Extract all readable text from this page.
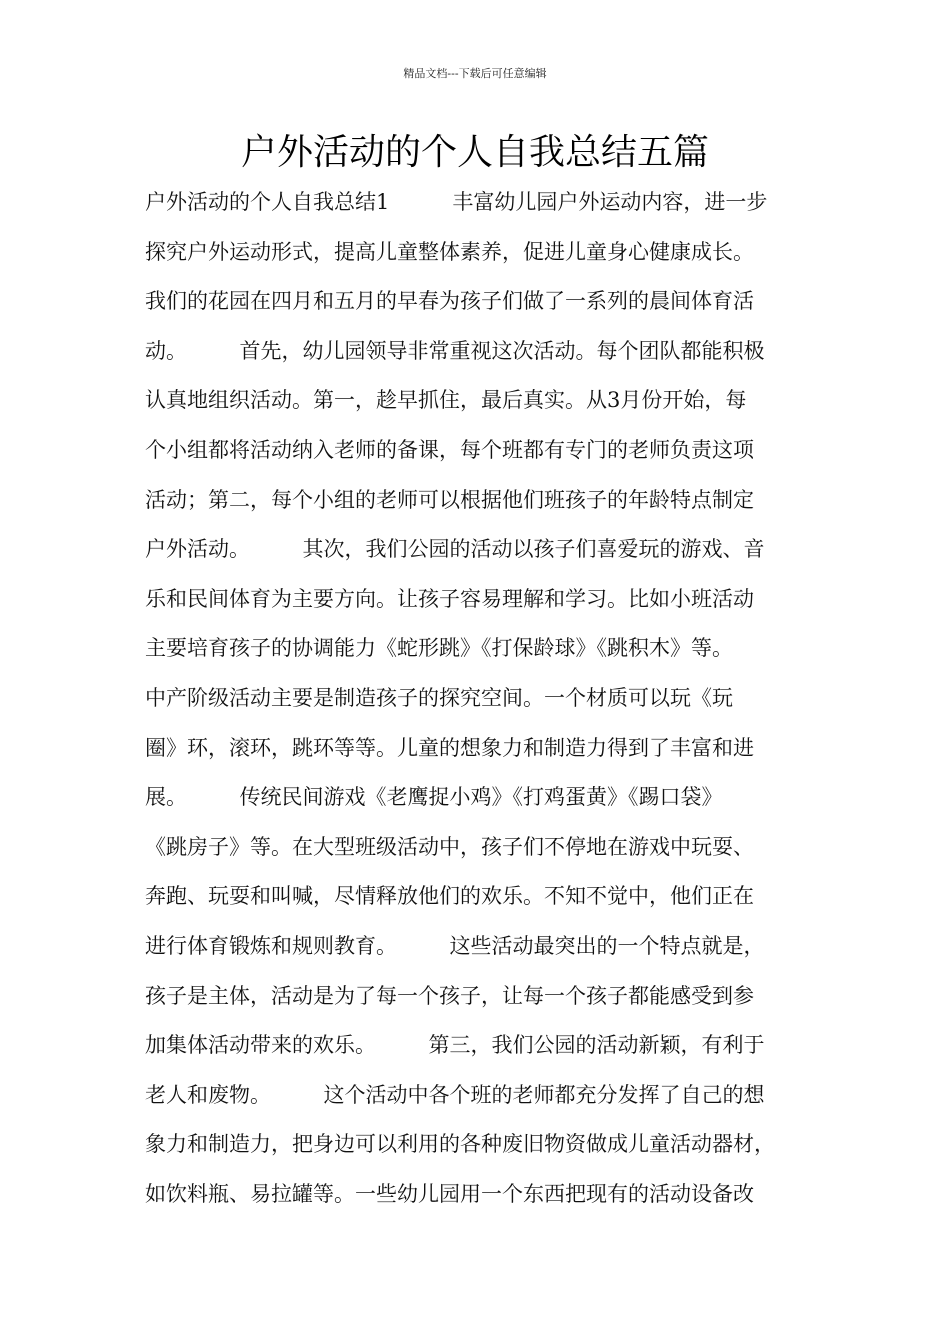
精品文档---下载后可任意编辑
户外活动的个人自我总结五篇
户外活动的个人自我总结1　　　丰富幼儿园户外运动内容，进一步
探究户外运动形式，提高儿童整体素养，促进儿童身心健康成长。
我们的花园在四月和五月的早春为孩子们做了一系列的晨间体育活
动。　　　首先，幼儿园领导非常重视这次活动。每个团队都能积极
认真地组织活动。第一，趁早抓住，最后真实。从3月份开始，每
个小组都将活动纳入老师的备课，每个班都有专门的老师负责这项
活动；第二，每个小组的老师可以根据他们班孩子的年龄特点制定
户外活动。　　　其次，我们公园的活动以孩子们喜爱玩的游戏、音
乐和民间体育为主要方向。让孩子容易理解和学习。比如小班活动
主要培育孩子的协调能力《蛇形跳》《打保龄球》《跳积木》等。
中产阶级活动主要是制造孩子的探究空间。一个材质可以玩《玩
圈》环，滚环，跳环等等。儿童的想象力和制造力得到了丰富和进
展。　　　传统民间游戏《老鹰捉小鸡》《打鸡蛋黄》《踢口袋》
《跳房子》等。在大型班级活动中，孩子们不停地在游戏中玩耍、
奔跑、玩耍和叫喊，尽情释放他们的欢乐。不知不觉中，他们正在
进行体育锻炼和规则教育。　　　这些活动最突出的一个特点就是，
孩子是主体，活动是为了每一个孩子，让每一个孩子都能感受到参
加集体活动带来的欢乐。　　　第三，我们公园的活动新颖，有利于
老人和废物。　　　这个活动中各个班的老师都充分发挥了自己的想
象力和制造力，把身边可以利用的各种废旧物资做成儿童活动器材，
如饮料瓶、易拉罐等。一些幼儿园用一个东西把现有的活动设备改
